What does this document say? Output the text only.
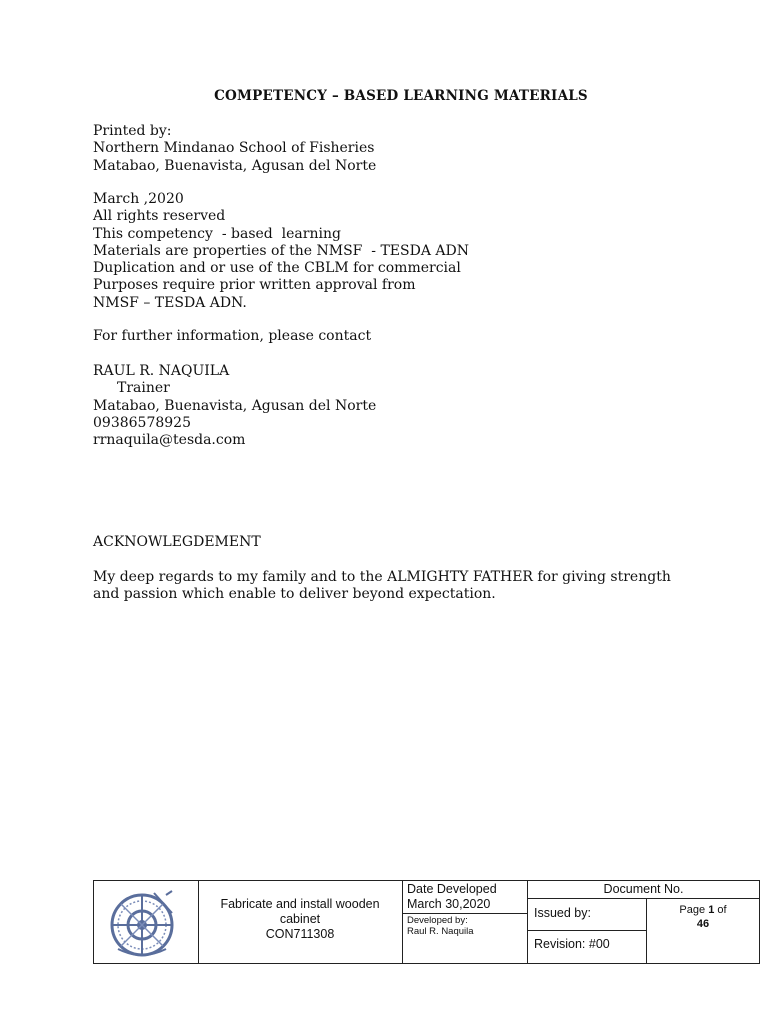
COMPETENCY – BASED LEARNING MATERIALS
Printed by:
Northern Mindanao School of Fisheries
Matabao, Buenavista, Agusan del Norte
March ,2020
All rights reserved
This competency  - based  learning
Materials are properties of the NMSF  - TESDA ADN
Duplication and or use of the CBLM for commercial
Purposes require prior written approval from
NMSF – TESDA ADN.
For further information, please contact
RAUL R. NAQUILA
Trainer
Matabao, Buenavista, Agusan del Norte
09386578925
rrnaquila@tesda.com
ACKNOWLEGDEMENT
My deep regards to my family and to the ALMIGHTY FATHER for giving strength
and passion which enable to deliver beyond expectation.
Fabricate and install wooden
cabinet
CON711308
Date Developed
March 30,2020
Developed by:
Raul R. Naquila
Document No.
Issued by:
Revision: #00
Page 1 of
46
